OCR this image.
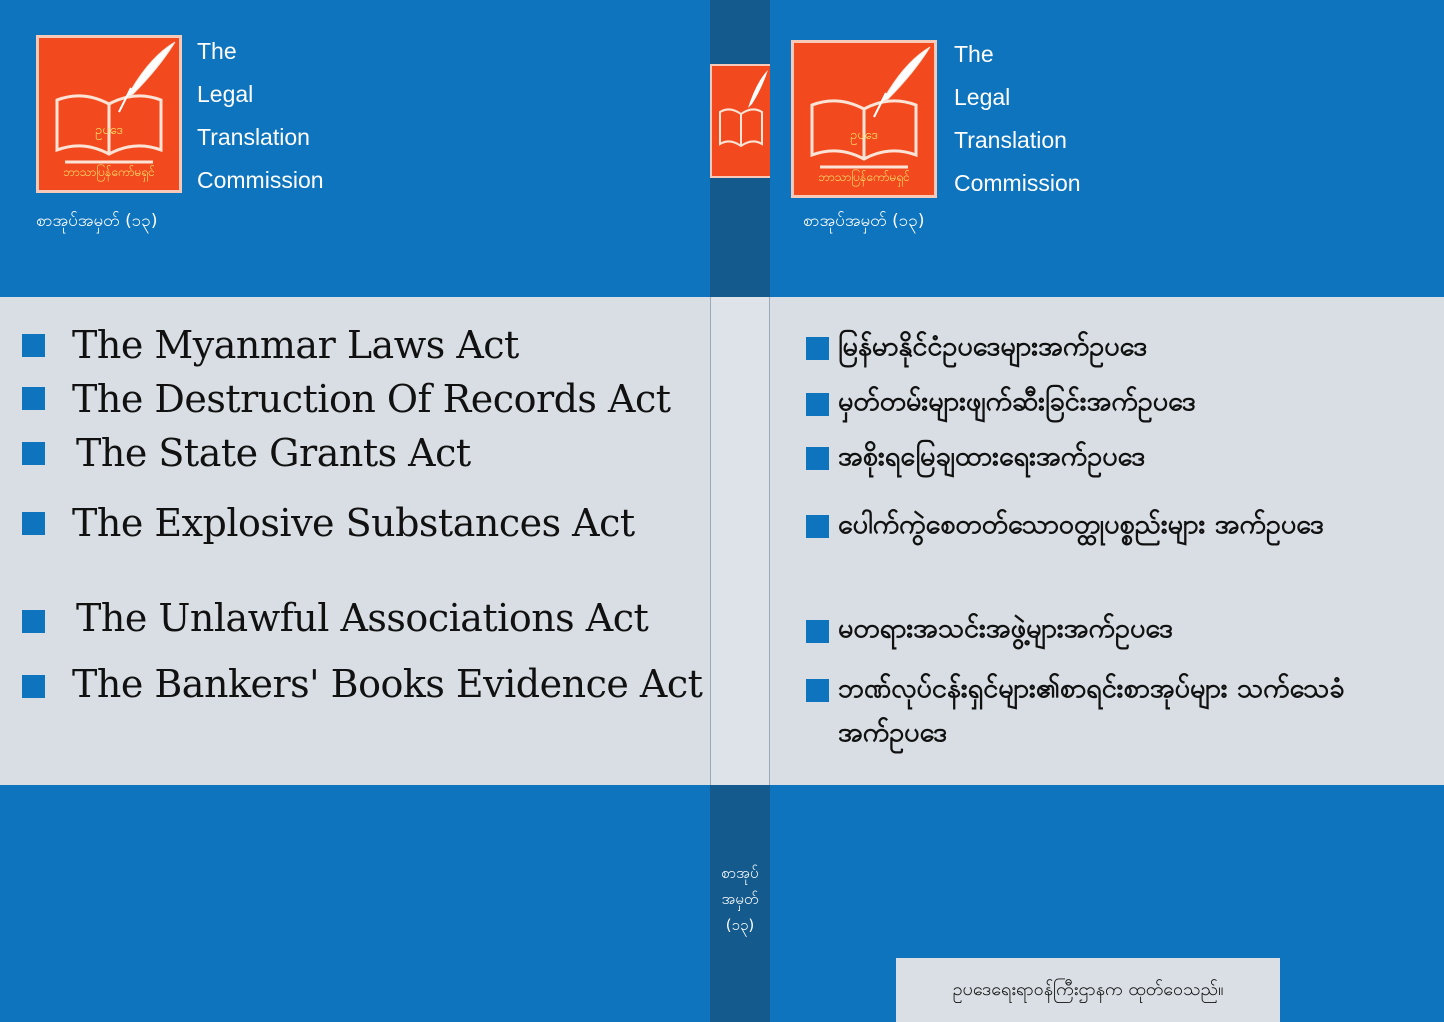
ဥပဒေ
ဘာသာပြန်ကော်မရှင်
The
Legal
Translation
Commission
စာအုပ်အမှတ် (၁၃)
The Myanmar Laws Act
The Destruction Of Records Act
The State Grants Act
The Explosive Substances Act
The Unlawful Associations Act
The Bankers' Books Evidence Act
စာအုပ်
အမှတ်
(၁၃)
ဥပဒေ
ဘာသာပြန်ကော်မရှင်
The
Legal
Translation
Commission
စာအုပ်အမှတ် (၁၃)
မြန်မာနိုင်ငံဥပဒေများအက်ဥပဒေ
မှတ်တမ်းများဖျက်ဆီးခြင်းအက်ဥပဒေ
အစိုးရမြေချထားရေးအက်ဥပဒေ
ပေါက်ကွဲစေတတ်သောဝတ္ထုပစ္စည်းများ အက်ဥပဒေ
မတရားအသင်းအဖွဲ့များအက်ဥပဒေ
ဘဏ်လုပ်ငန်းရှင်များ၏စာရင်းစာအုပ်များ သက်သေခံအက်ဥပဒေ
ဥပဒေရေးရာဝန်ကြီးဌာနက ထုတ်ဝေသည်။
